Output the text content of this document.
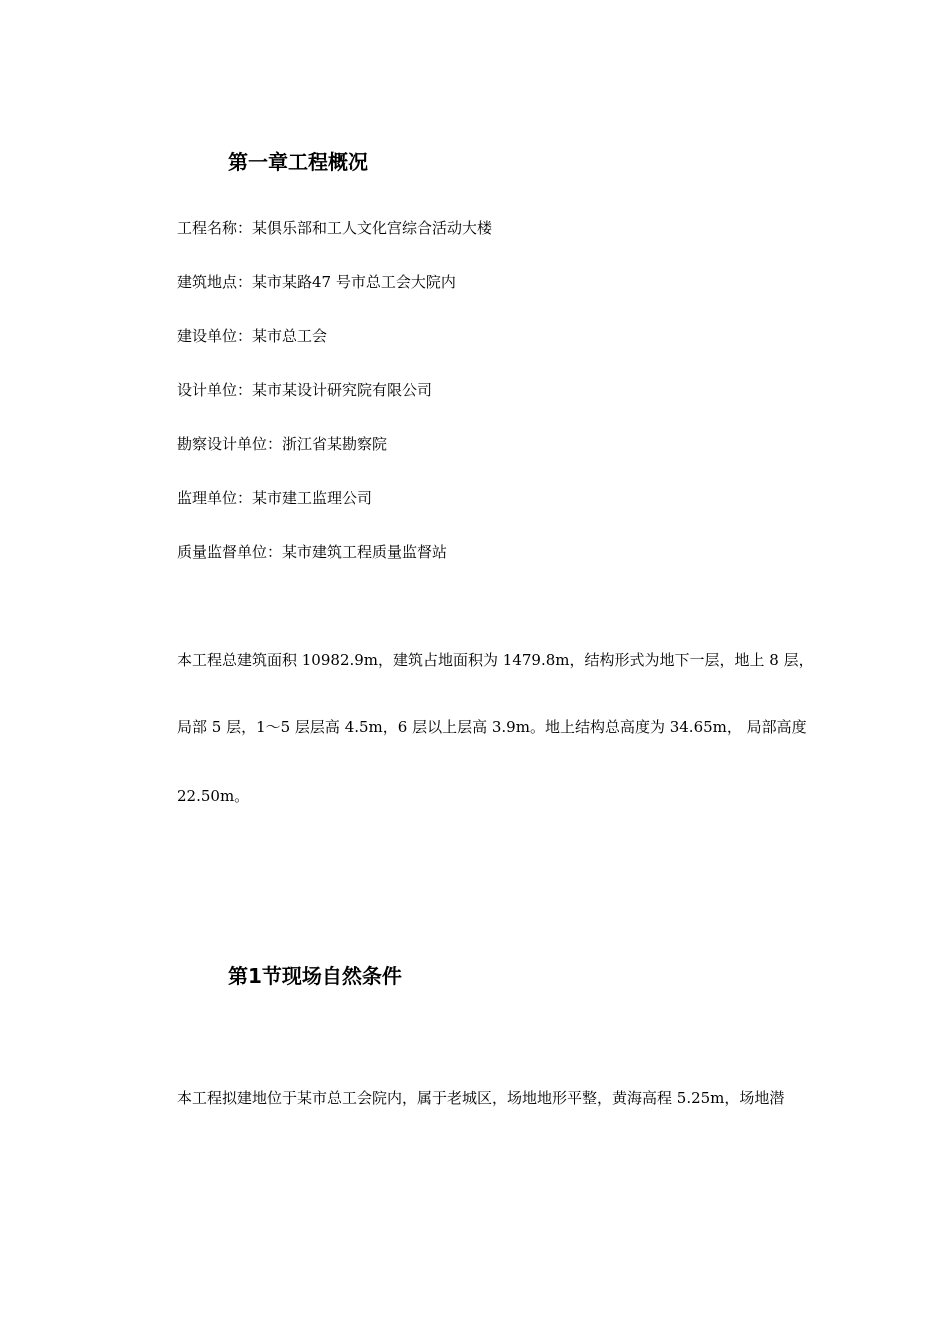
第一章工程概况
工程名称：某俱乐部和工人文化宫综合活动大楼
建筑地点：某市某路47 号市总工会大院内
建设单位：某市总工会
设计单位：某市某设计研究院有限公司
勘察设计单位：浙江省某勘察院
监理单位：某市建工监理公司
质量监督单位：某市建筑工程质量监督站
本工程总建筑面积 10982.9m，建筑占地面积为 1479.8m，结构形式为地下一层，地上 8 层，
局部 5 层，1～5 层层高 4.5m，6 层以上层高 3.9m。地上结构总高度为 34.65m， 局部高度
22.50m。
第1节现场自然条件
本工程拟建地位于某市总工会院内，属于老城区，场地地形平整，黄海高程 5.25m，场地潜
